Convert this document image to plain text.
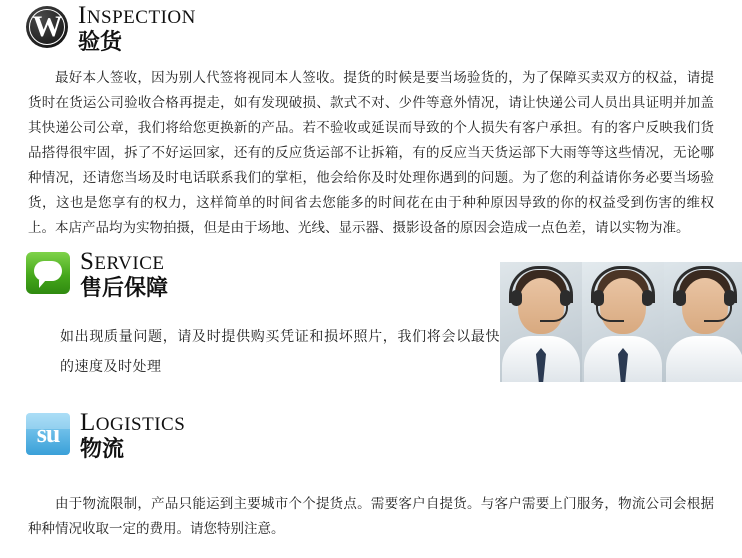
W INSPECTION
验货
最好本人签收，因为别人代签将视同本人签收。提货的时候是要当场验货的，为了保障买卖双方的权益，请提货时在货运公司验收合格再提走，如有发现破损、款式不对、少件等意外情况，请让快递公司人员出具证明并加盖其快递公司公章，我们将给您更换新的产品。若不验收或延误而导致的个人损失有客户承担。有的客户反映我们货品搭得很牢固，拆了不好运回家，还有的反应货运部不让拆箱，有的反应当天货运部下大雨等等这些情况，无论哪种情况，还请您当场及时电话联系我们的掌柜，他会给你及时处理你遇到的问题。为了您的利益请你务必要当场验货，这也是您享有的权力，这样简单的时间省去您能多的时间花在由于种种原因导致的你的权益受到伤害的维权上。本店产品均为实物拍摄，但是由于场地、光线、显示器、摄影设备的原因会造成一点色差，请以实物为准。
SERVICE
售后保障
如出现质量问题，请及时提供购买凭证和损坏照片，我们将会以最快的速度及时处理
su LOGISTICS
物流
由于物流限制，产品只能运到主要城市个个提货点。需要客户自提货。与客户需要上门服务，物流公司会根据种种情况收取一定的费用。请您特别注意。
